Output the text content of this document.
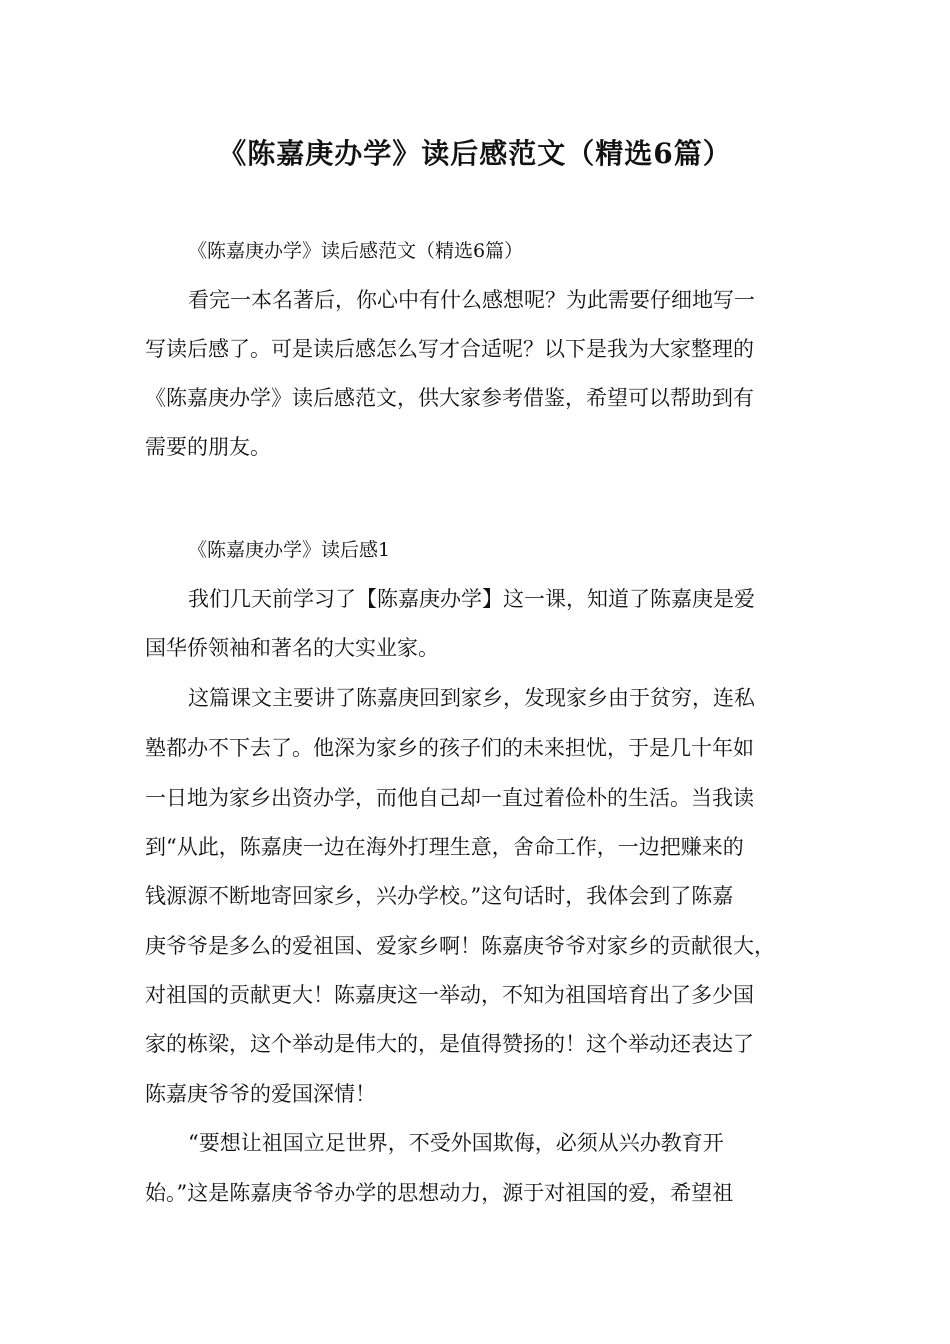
《陈嘉庚办学》读后感范文（精选6篇）

《陈嘉庚办学》读后感范文（精选6篇）

看完一本名著后，你心中有什么感想呢？为此需要仔细地写一

写读后感了。可是读后感怎么写才合适呢？以下是我为大家整理的

《陈嘉庚办学》读后感范文，供大家参考借鉴，希望可以帮助到有

需要的朋友。

《陈嘉庚办学》读后感1

我们几天前学习了【陈嘉庚办学】这一课，知道了陈嘉庚是爱

国华侨领袖和著名的大实业家。

这篇课文主要讲了陈嘉庚回到家乡，发现家乡由于贫穷，连私

塾都办不下去了。他深为家乡的孩子们的未来担忧，于是几十年如

一日地为家乡出资办学，而他自己却一直过着俭朴的生活。当我读

到“从此，陈嘉庚一边在海外打理生意，舍命工作，一边把赚来的

钱源源不断地寄回家乡，兴办学校。”这句话时，我体会到了陈嘉

庚爷爷是多么的爱祖国、爱家乡啊！陈嘉庚爷爷对家乡的贡献很大，

对祖国的贡献更大！陈嘉庚这一举动，不知为祖国培育出了多少国

家的栋梁，这个举动是伟大的，是值得赞扬的！这个举动还表达了

陈嘉庚爷爷的爱国深情！

“要想让祖国立足世界，不受外国欺侮，必须从兴办教育开

始。”这是陈嘉庚爷爷办学的思想动力，源于对祖国的爱，希望祖
